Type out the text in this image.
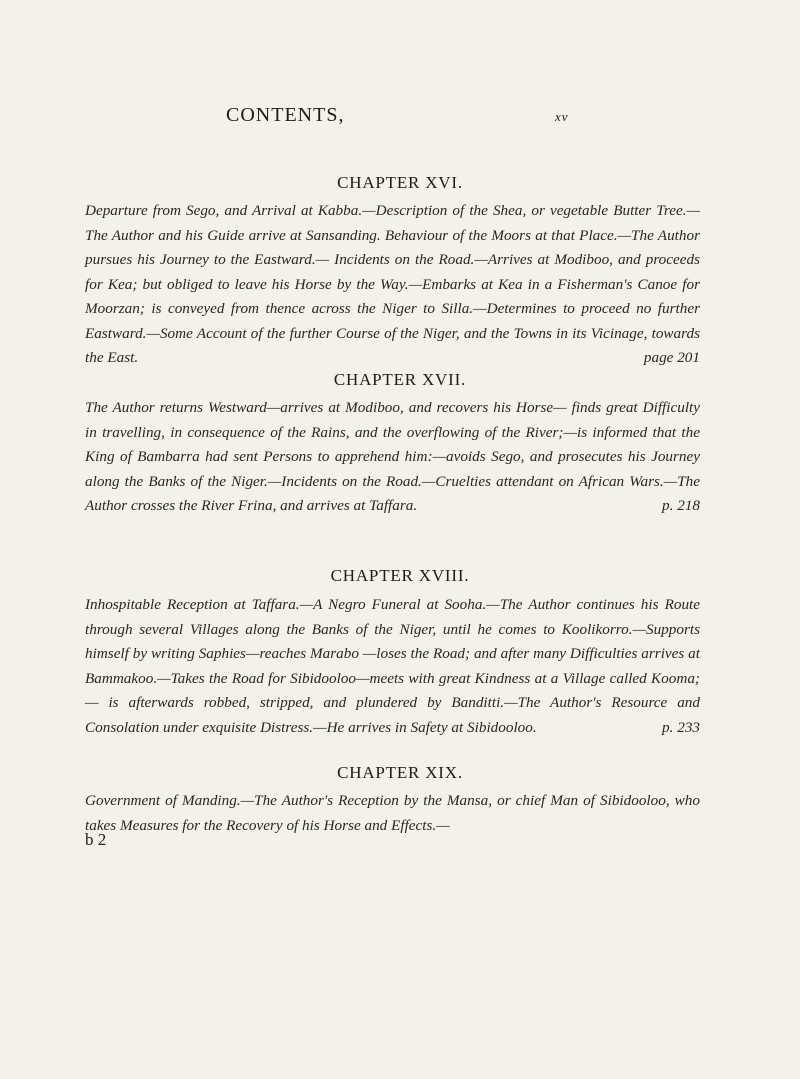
CONTENTS,	xv
CHAPTER XVI.
Departure from Sego, and Arrival at Kabba.—Description of the Shea, or vegetable Butter Tree.—The Author and his Guide arrive at Sansanding. Behaviour of the Moors at that Place.—The Author pursues his Journey to the Eastward.— Incidents on the Road.—Arrives at Modiboo, and proceeds for Kea; but obliged to leave his Horse by the Way.—Embarks at Kea in a Fisherman's Canoe for Moorzan; is conveyed from thence across the Niger to Silla.—Determines to proceed no further Eastward.—Some Account of the further Course of the Niger, and the Towns in its Vicinage, towards the East.	page 201
CHAPTER XVII.
The Author returns Westward—arrives at Modiboo, and recovers his Horse— finds great Difficulty in travelling, in consequence of the Rains, and the overflowing of the River;—is informed that the King of Bambarra had sent Persons to apprehend him:—avoids Sego, and prosecutes his Journey along the Banks of the Niger.—Incidents on the Road.—Cruelties attendant on African Wars.—The Author crosses the River Frina, and arrives at Taffara.	p. 218
CHAPTER XVIII.
Inhospitable Reception at Taffara.—A Negro Funeral at Sooha.—The Author continues his Route through several Villages along the Banks of the Niger, until he comes to Koolikorro.—Supports himself by writing Saphies—reaches Marabo —loses the Road; and after many Difficulties arrives at Bammakoo.—Takes the Road for Sibidooloo—meets with great Kindness at a Village called Kooma;— is afterwards robbed, stripped, and plundered by Banditti.—The Author's Resource and Consolation under exquisite Distress.—He arrives in Safety at Sibidooloo.	p. 233
CHAPTER XIX.
Government of Manding.—The Author's Reception by the Mansa, or chief Man of Sibidooloo, who takes Measures for the Recovery of his Horse and Effects.—
b 2
